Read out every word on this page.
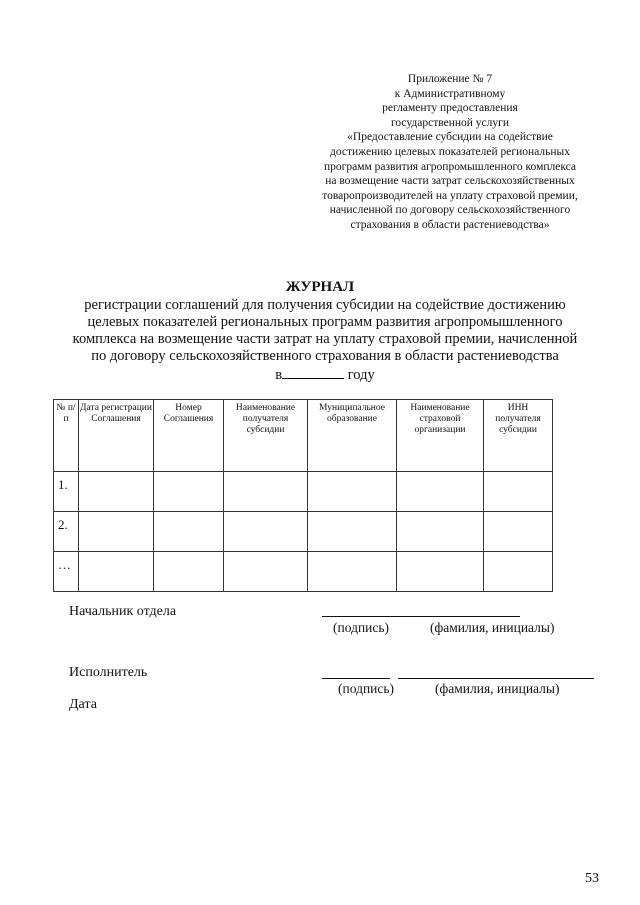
Приложение № 7
к Административному
регламенту предоставления
государственной услуги
«Предоставление субсидии на содействие
достижению целевых показателей региональных
программ развития агропромышленного комплекса
на возмещение части затрат сельскохозяйственных
товаропроизводителей на уплату страховой премии,
начисленной по договору сельскохозяйственного
страхования в области растениеводства»
ЖУРНАЛ
регистрации соглашений для получения субсидии на содействие достижению
целевых показателей региональных программ развития агропромышленного
комплекса на возмещение части затрат на уплату страховой премии, начисленной
по договору сельскохозяйственного страхования в области растениеводства
в	году
№ п/п	Дата регистрации Соглашения	Номер Соглашения	Наименование получателя субсидии	Муниципальное образование	Наименование страховой организации	ИНН получателя субсидии
1.						
2.						
…						
Начальник отдела
(подпись)	(фамилия, инициалы)
Исполнитель
(подпись)	(фамилия, инициалы)
Дата
53
